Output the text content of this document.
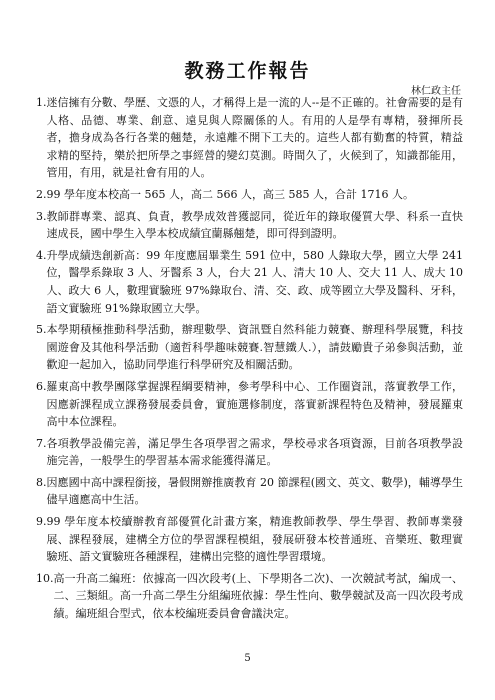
教務工作報告
林仁政主任
1. 迷信擁有分數、學歷、文憑的人，才稱得上是一流的人--是不正確的。社會需要的是有人格、品德、專業、創意、遠見與人際關係的人。有用的人是學有專精，發揮所長者，擔身成為各行各業的翹楚，永遠離不開下工夫的。這些人都有勤奮的特質，精益求精的堅持，樂於把所學之事經營的變幻莫測。時間久了，火候到了，知識都能用，管用，有用，就是社會有用的人。
2. 99 學年度本校高一 565 人，高二 566 人，高三 585 人，合計 1716 人。
3. 教師群專業、認真、負責，教學成效普獲認同，從近年的錄取優質大學、科系一直快速成長，國中學生入學本校成績宜蘭縣翹楚，即可得到證明。
4. 升學成績迭創新高：99 年度應屆畢業生 591 位中，580 人錄取大學，國立大學 241 位，醫學系錄取 3 人、牙醫系 3 人，台大 21 人、清大 10 人、交大 11 人、成大 10 人、政大 6 人，數理實驗班 97%錄取台、清、交、政、成等國立大學及醫科、牙科，語文實驗班 91%錄取國立大學。
5. 本學期積極推動科學活動，辦理數學、資訊暨自然科能力競賽、辦理科學展覽，科技園遊會及其他科學活動（適哲科學趣味競賽.智慧鐵人.），請鼓勵貴子弟參與活動，並歡迎一起加入，協助同學進行科學研究及相關活動。
6. 羅東高中教學團隊掌握課程綱要精神，參考學科中心、工作圈資訊，落實教學工作，因應新課程成立課務發展委員會，實施選修制度，落實新課程特色及精神，發展羅東高中本位課程。
7. 各項教學設備完善，滿足學生各項學習之需求，學校尋求各項資源，目前各項教學設施完善，一般學生的學習基本需求能獲得滿足。
8. 因應國中高中課程銜接，暑假開辦推廣教育 20 節課程(國文、英文、數學)，輔導學生儘早適應高中生活。
9. 99 學年度本校續辦教育部優質化計畫方案，精進教師教學、學生學習、教師專業發展、課程發展，建構全方位的學習課程模組，發展研發本校普通班、音樂班、數理實驗班、語文實驗班各種課程，建構出完整的適性學習環境。
10. 高一升高二編班：依據高一四次段考(上、下學期各二次)、一次競試考試，編成一、二、三類組。高一升高二學生分組編班依據：學生性向、數學競試及高一四次段考成績。編班組合型式，依本校編班委員會會議決定。
5
